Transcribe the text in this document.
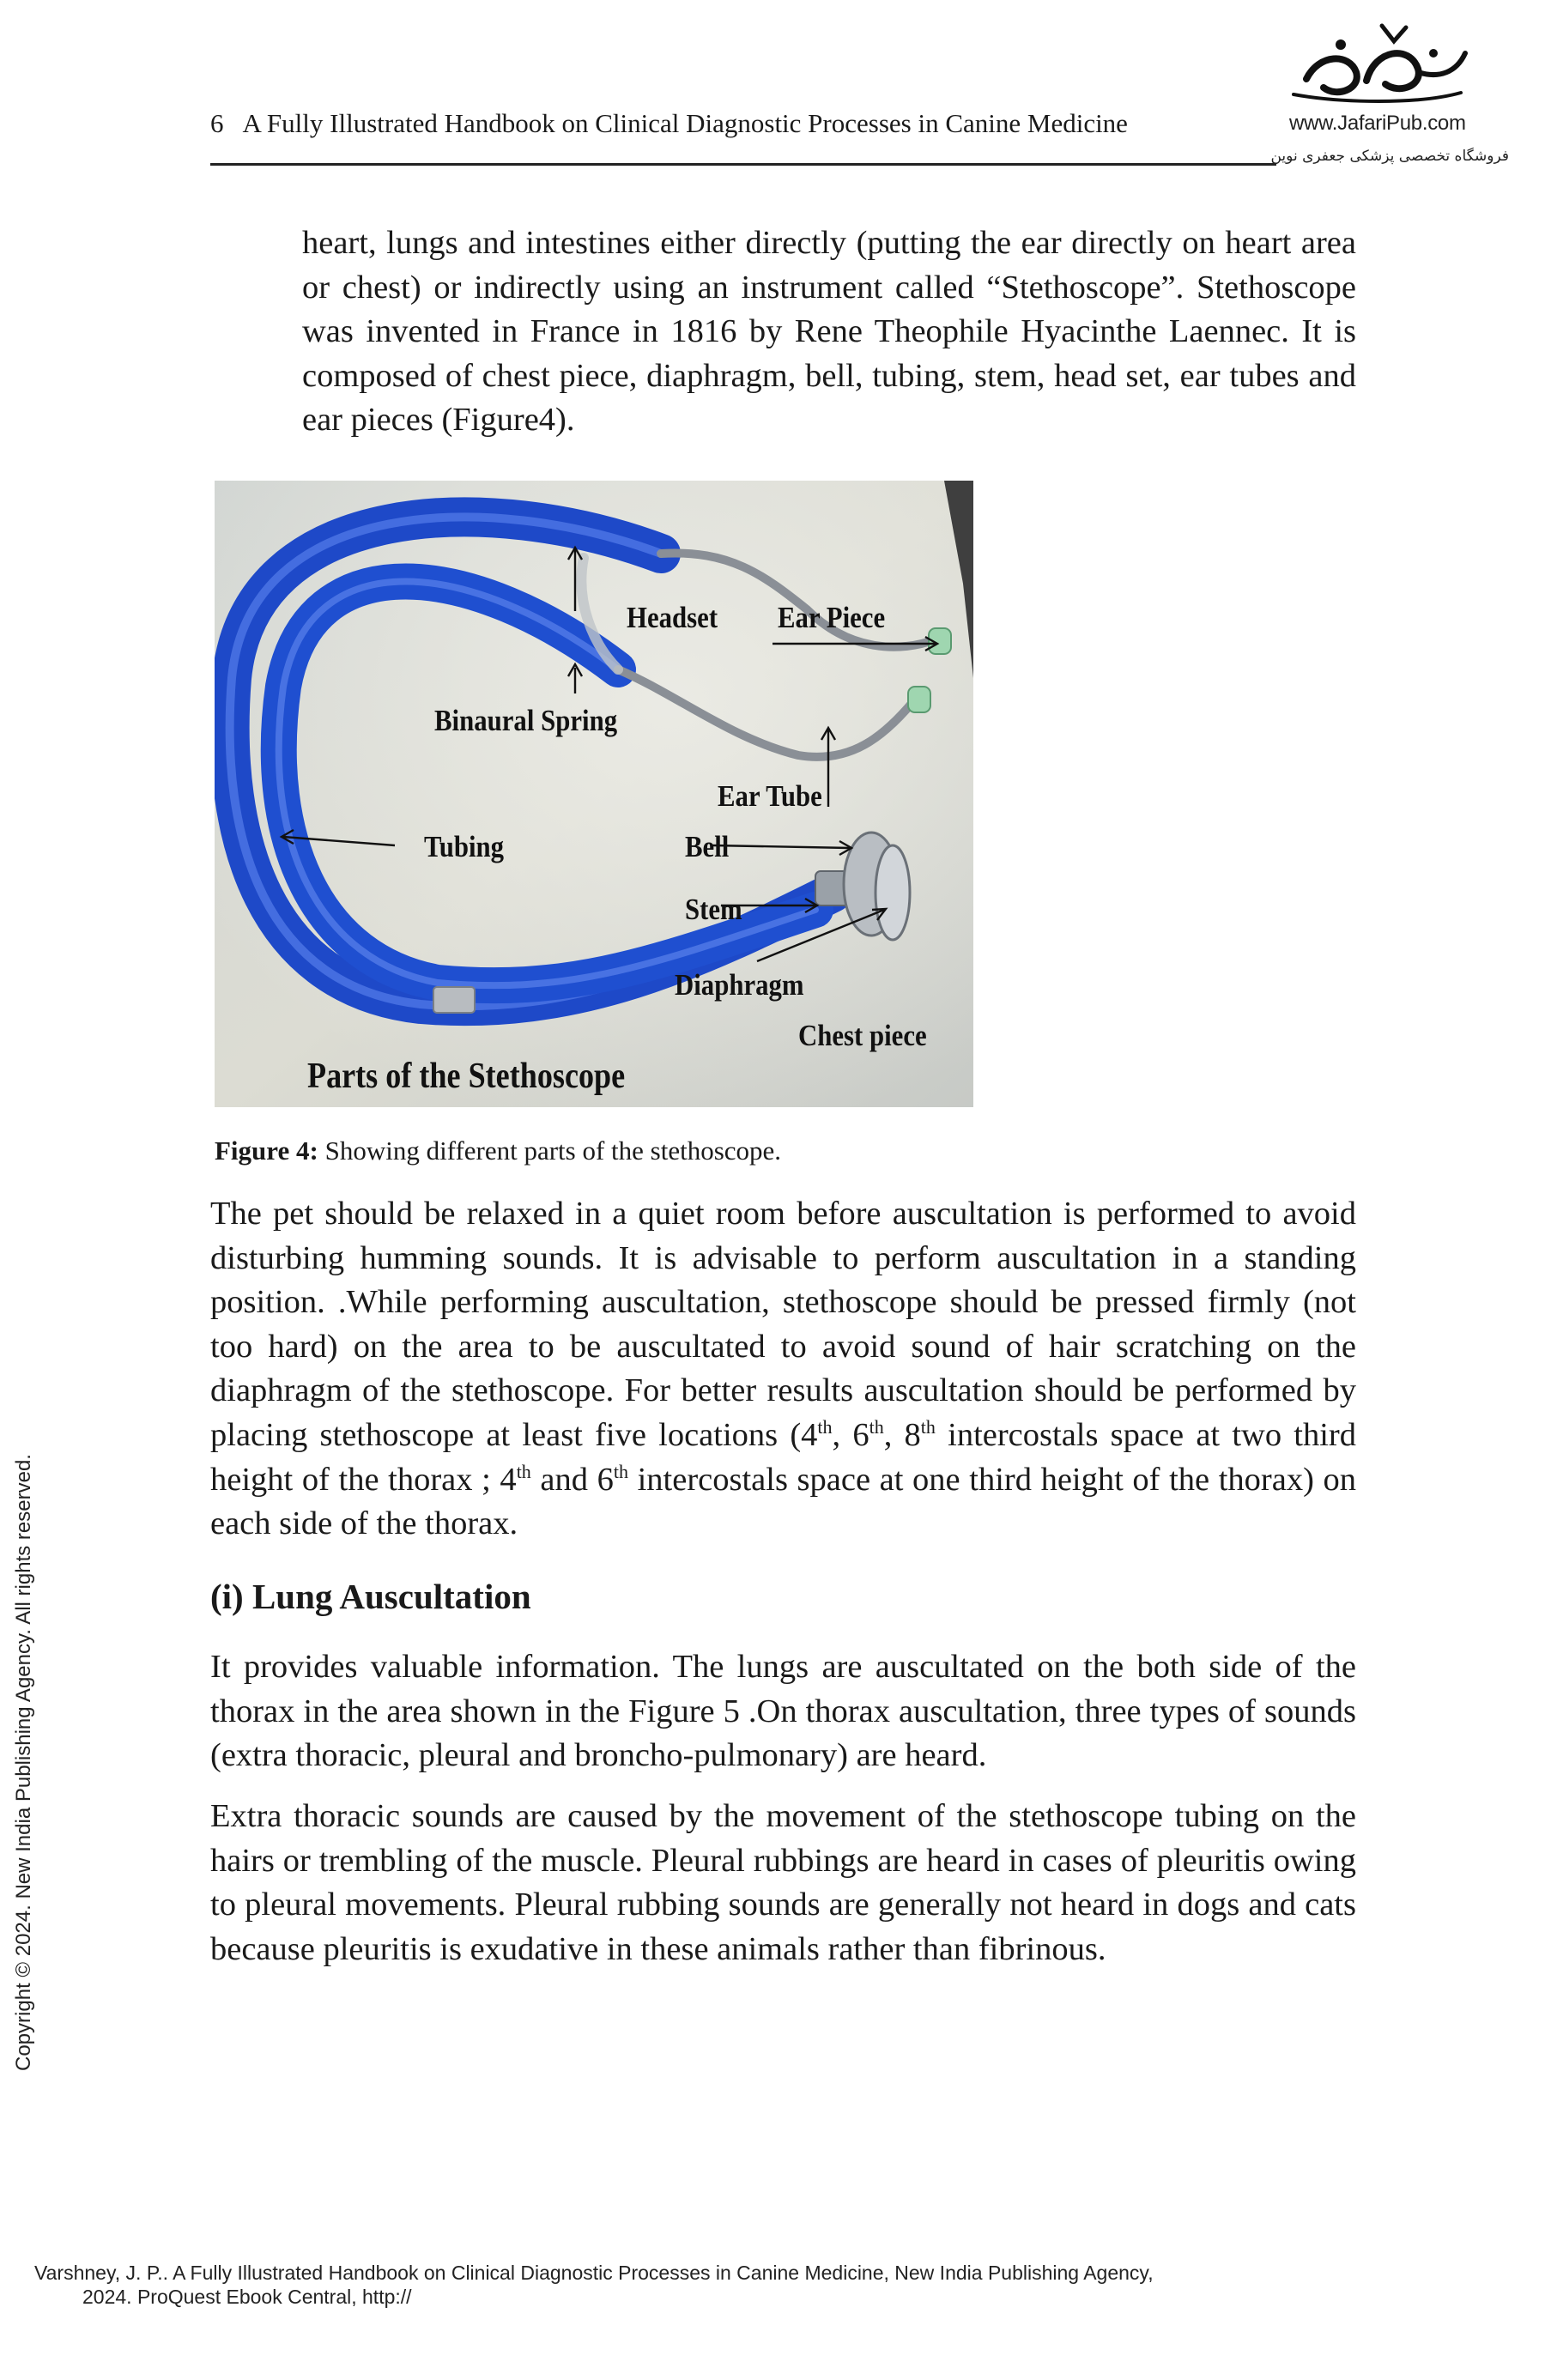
6 A Fully Illustrated Handbook on Clinical Diagnostic Processes in Canine Medicine	www.JafariPub.com
فروشگاه تخصصی پزشکی جعفری نوین
heart, lungs and intestines either directly (putting the ear directly on heart area or chest) or indirectly using an instrument called “Stethoscope”. Stethoscope was invented in France in 1816 by Rene Theophile Hyacinthe Laennec. It is composed of chest piece, diaphragm, bell, tubing, stem, head set, ear tubes and ear pieces (Figure4).
Headset Ear Piece
Binaural Spring
Ear Tube
Tubing	Bell
Stem
Diaphragm
Chest piece
Parts of the Stethoscope
Figure 4: Showing different parts of the stethoscope.
The pet should be relaxed in a quiet room before auscultation is performed to avoid disturbing humming sounds. It is advisable to perform auscultation in a standing position. .While performing auscultation, stethoscope should be pressed firmly (not too hard) on the area to be auscultated to avoid sound of hair scratching on the diaphragm of the stethoscope. For better results auscultation should be performed by placing stethoscope at least five locations (4th, 6th, 8th intercostals space at two third height of the thorax ; 4th and 6th intercostals space at one third height of the thorax) on each side of the thorax.
(i) Lung Auscultation
It provides valuable information. The lungs are auscultated on the both side of the thorax in the area shown in the Figure 5 .On thorax auscultation, three types of sounds (extra thoracic, pleural and broncho-pulmonary) are heard.
Extra thoracic sounds are caused by the movement of the stethoscope tubing on the hairs or trembling of the muscle. Pleural rubbings are heard in cases of pleuritis owing to pleural movements. Pleural rubbing sounds are generally not heard in dogs and cats because pleuritis is exudative in these animals rather than fibrinous.
Copyright © 2024. New India Publishing Agency. All rights reserved.
Varshney, J. P.. A Fully Illustrated Handbook on Clinical Diagnostic Processes in Canine Medicine, New India Publishing Agency,
2024. ProQuest Ebook Central, http://
